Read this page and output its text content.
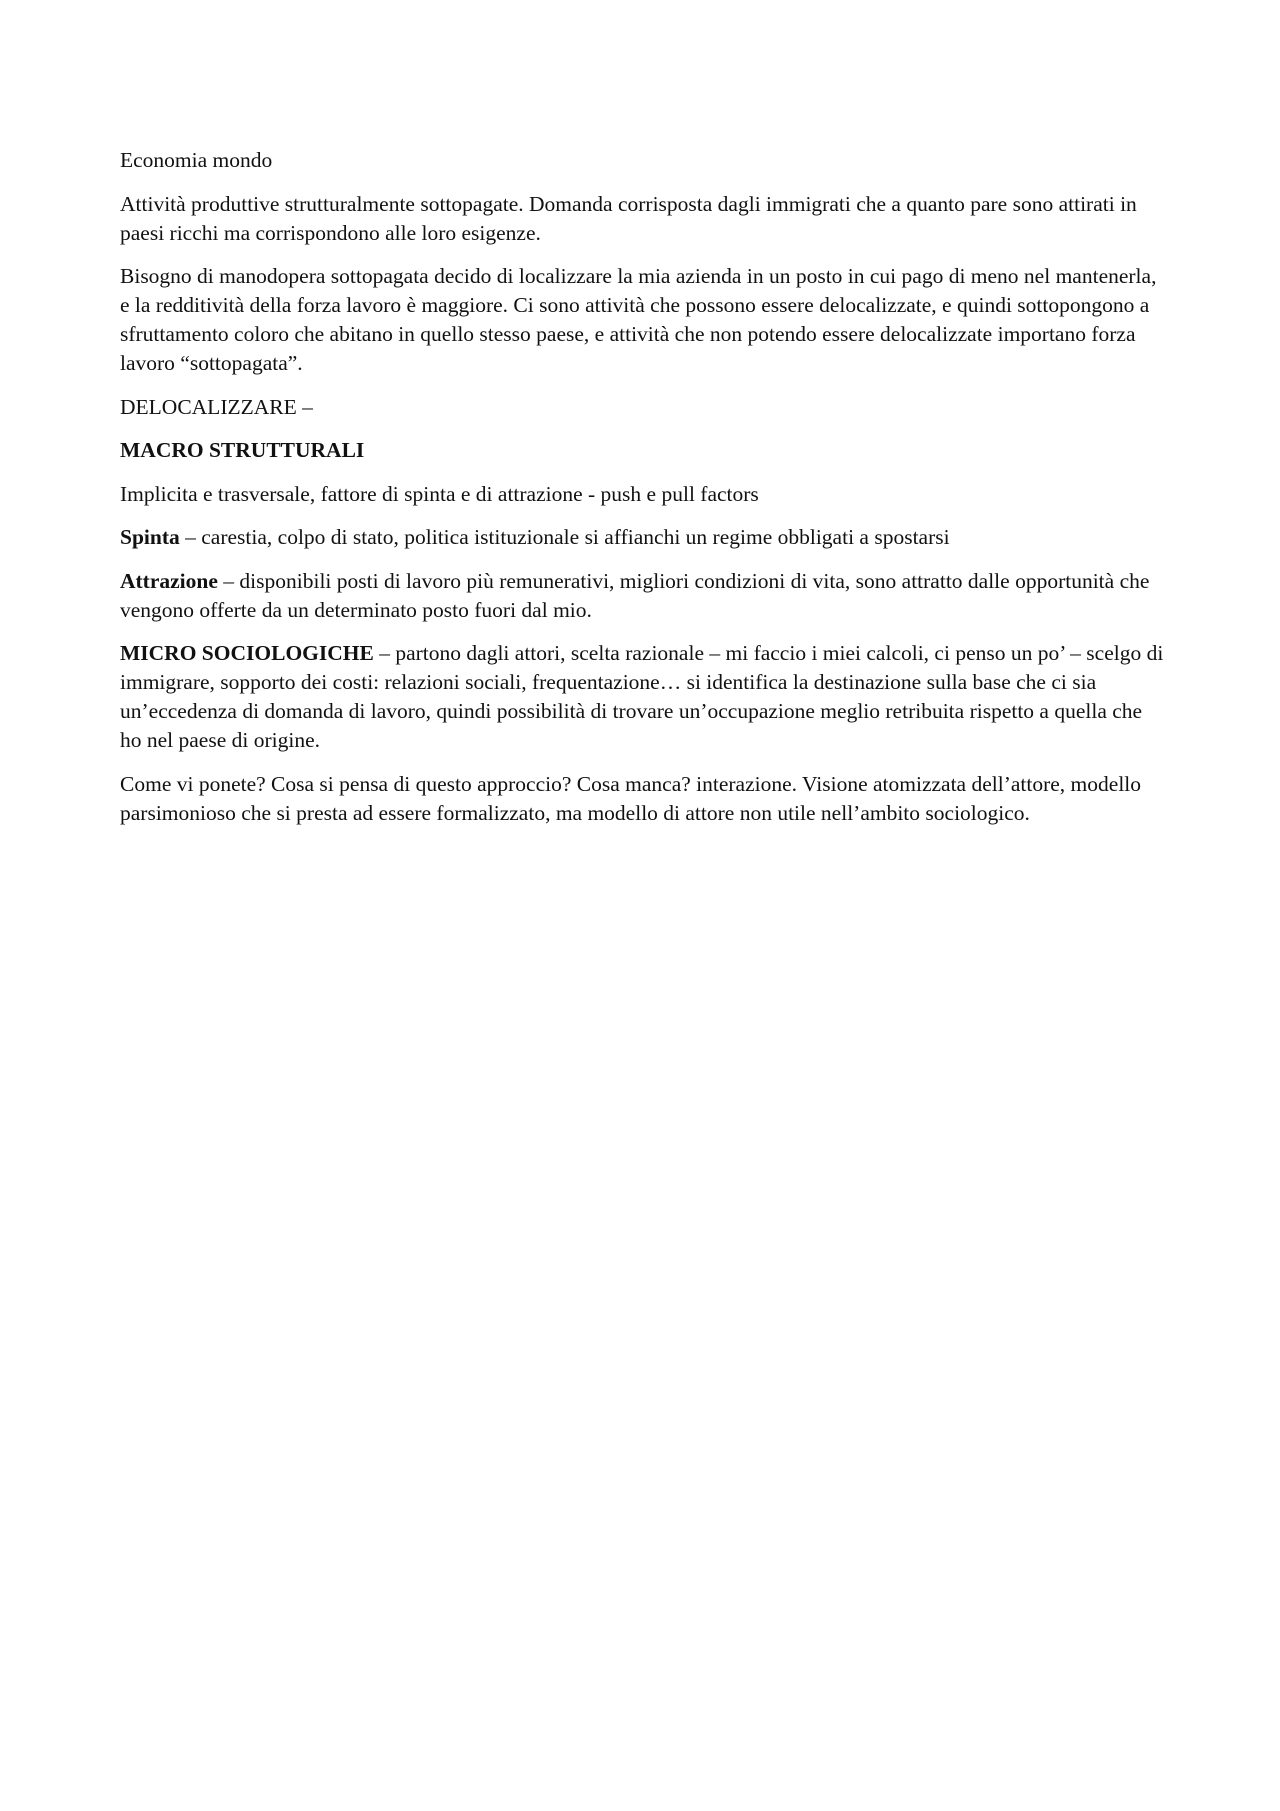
Economia mondo

Attività produttive strutturalmente sottopagate. Domanda corrisposta dagli immigrati che a quanto pare sono attirati in paesi ricchi ma corrispondono alle loro esigenze.

Bisogno di manodopera sottopagata decido di localizzare la mia azienda in un posto in cui pago di meno nel mantenerla, e la redditività della forza lavoro è maggiore. Ci sono attività che possono essere delocalizzate, e quindi sottopongono a sfruttamento coloro che abitano in quello stesso paese, e attività che non potendo essere delocalizzate importano forza lavoro “sottopagata”.

DELOCALIZZARE –

MACRO STRUTTURALI

Implicita e trasversale, fattore di spinta e di attrazione - push e pull factors

Spinta – carestia, colpo di stato, politica istituzionale si affianchi un regime obbligati a spostarsi

Attrazione – disponibili posti di lavoro più remunerativi, migliori condizioni di vita, sono attratto dalle opportunità che vengono offerte da un determinato posto fuori dal mio.

MICRO SOCIOLOGICHE – partono dagli attori, scelta razionale – mi faccio i miei calcoli, ci penso un po’ – scelgo di immigrare, sopporto dei costi: relazioni sociali, frequentazione… si identifica la destinazione sulla base che ci sia un’eccedenza di domanda di lavoro, quindi possibilità di trovare un’occupazione meglio retribuita rispetto a quella che ho nel paese di origine.

Come vi ponete? Cosa si pensa di questo approccio? Cosa manca? interazione. Visione atomizzata dell’attore, modello parsimonioso che si presta ad essere formalizzato, ma modello di attore non utile nell’ambito sociologico.
